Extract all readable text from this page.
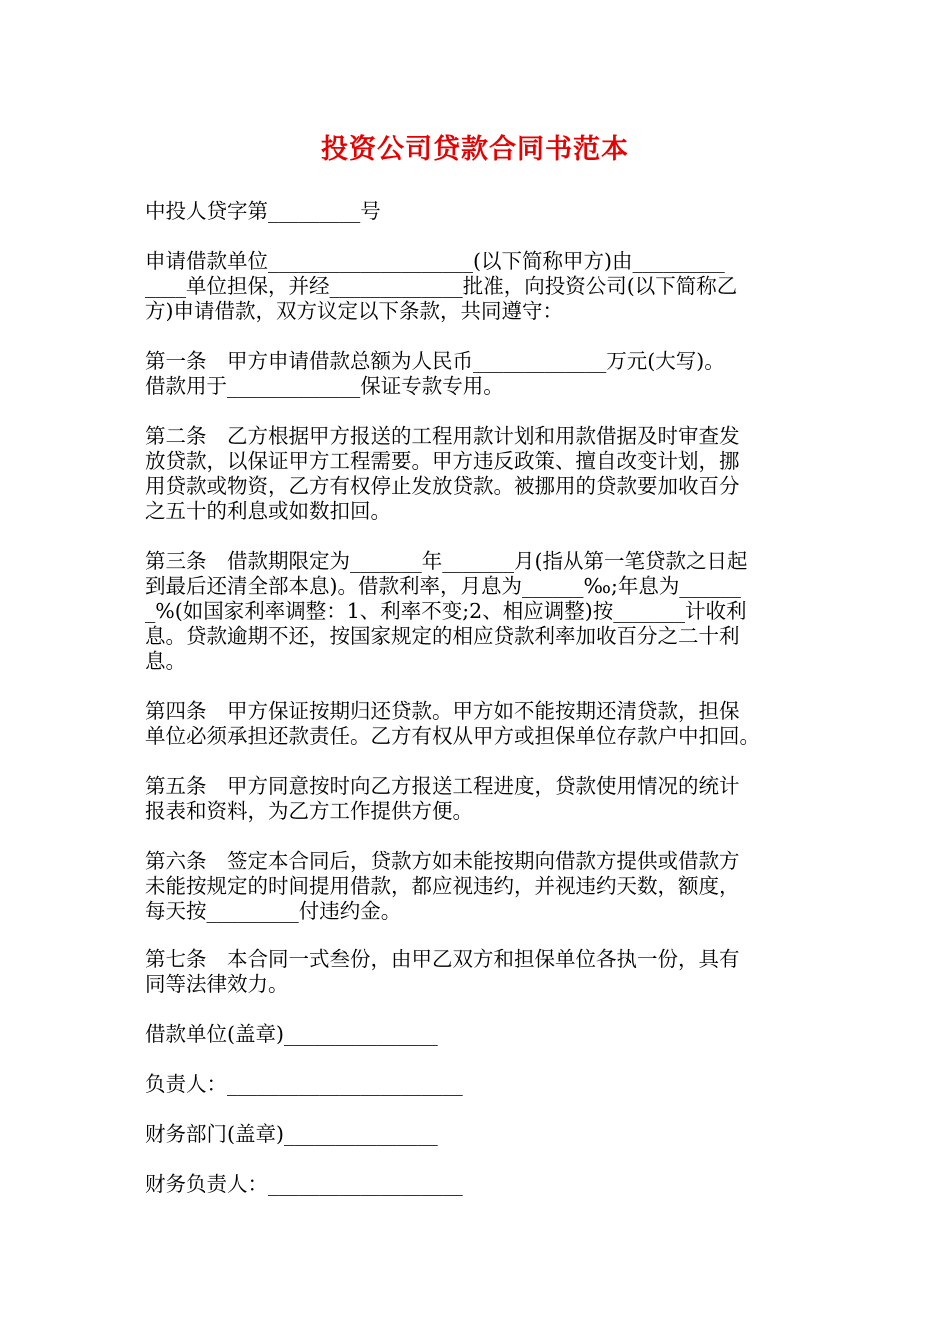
投资公司贷款合同书范本
中投人贷字第_________号
申请借款单位____________________(以下简称甲方)由_________
____单位担保，并经_____________批准，向投资公司(以下简称乙
方)申请借款，双方议定以下条款，共同遵守：
第一条　甲方申请借款总额为人民币_____________万元(大写)。
借款用于_____________保证专款专用。
第二条　乙方根据甲方报送的工程用款计划和用款借据及时审查发
放贷款，以保证甲方工程需要。甲方违反政策、擅自改变计划，挪
用贷款或物资，乙方有权停止发放贷款。被挪用的贷款要加收百分
之五十的利息或如数扣回。
第三条　借款期限定为_______年_______月(指从第一笔贷款之日起
到最后还清全部本息)。借款利率，月息为______‰;年息为______
_%(如国家利率调整：1、利率不变;2、相应调整)按_______计收利
息。贷款逾期不还，按国家规定的相应贷款利率加收百分之二十利
息。
第四条　甲方保证按期归还贷款。甲方如不能按期还清贷款，担保
单位必须承担还款责任。乙方有权从甲方或担保单位存款户中扣回。
第五条　甲方同意按时向乙方报送工程进度，贷款使用情况的统计
报表和资料，为乙方工作提供方便。
第六条　签定本合同后，贷款方如未能按期向借款方提供或借款方
未能按规定的时间提用借款，都应视违约，并视违约天数，额度，
每天按_________付违约金。
第七条　本合同一式叁份，由甲乙双方和担保单位各执一份，具有
同等法律效力。
借款单位(盖章)_______________
负责人：_______________________
财务部门(盖章)_______________
财务负责人：___________________
